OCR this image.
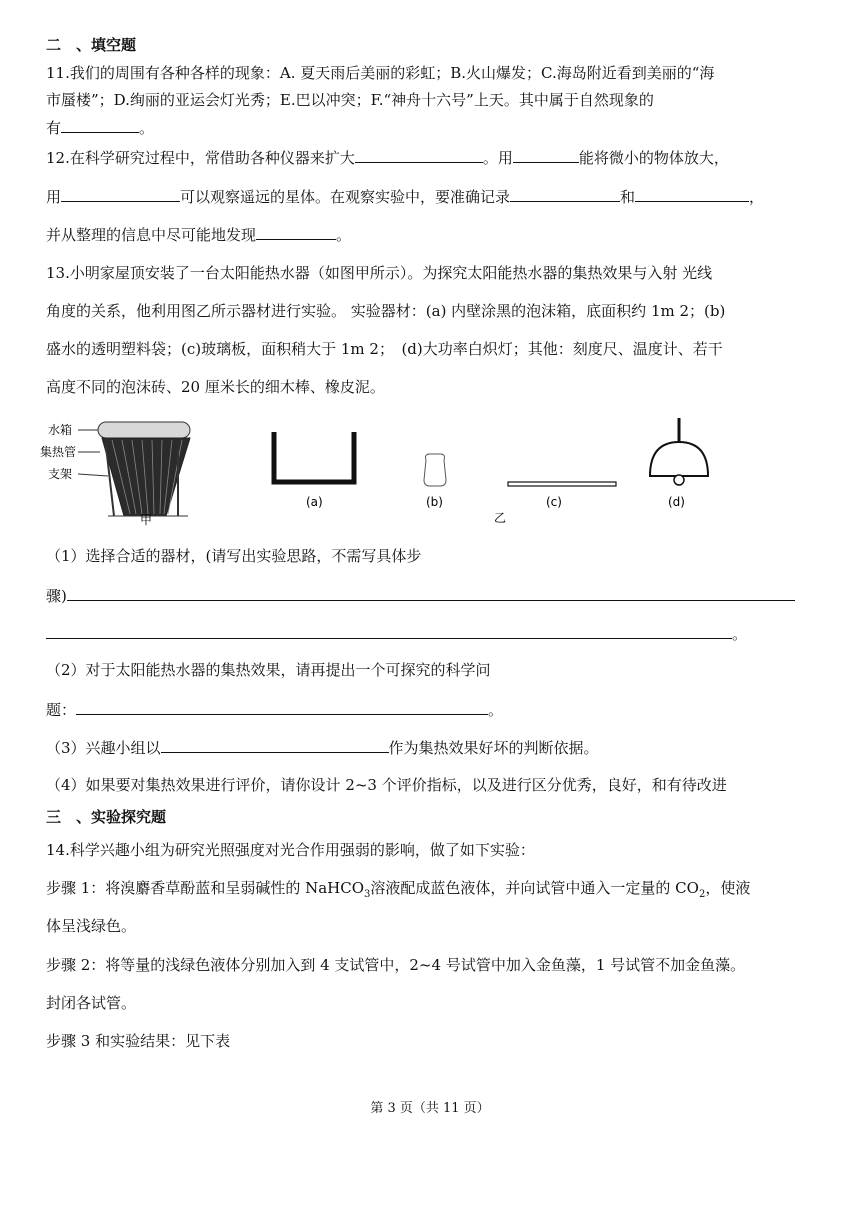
二　、填空题
11.我们的周围有各种各样的现象：A. 夏天雨后美丽的彩虹；B.火山爆发；C.海岛附近看到美丽的“海
市蜃楼”；D.绚丽的亚运会灯光秀；E.巴以冲突；F.“神舟十六号”上天。其中属于自然现象的
有	。
12.在科学研究过程中，常借助各种仪器来扩大	。用	能将微小的物体放大，
用	可以观察遥远的星体。在观察实验中，要准确记录	和	，
并从整理的信息中尽可能地发现	。
13.小明家屋顶安装了一台太阳能热水器（如图甲所示）。为探究太阳能热水器的集热效果与入射 光线
角度的关系，他利用图乙所示器材进行实验。 实验器材：(a) 内壁涂黑的泡沫箱，底面积约 1m 2；(b)
盛水的透明塑料袋；(c)玻璃板，面积稍大于 1m 2；　(d)大功率白炽灯；其他：刻度尺、温度计、若干
高度不同的泡沫砖、20 厘米长的细木棒、橡皮泥。
水箱
集热管
支架
甲
(a)	(b)
乙
(c)	(d)
（1）选择合适的器材，(请写出实验思路，不需写具体步
骤)
。
（2）对于太阳能热水器的集热效果，请再提出一个可探究的科学问
题：	。
（3）兴趣小组以	作为集热效果好坏的判断依据。
（4）如果要对集热效果进行评价，请你设计 2~3 个评价指标，以及进行区分优秀，良好，和有待改进
三　、实验探究题
14.科学兴趣小组为研究光照强度对光合作用强弱的影响，做了如下实验：
步骤 1：将溴麝香草酚蓝和呈弱碱性的 NaHCO$_3$溶液配成蓝色液体，并向试管中通入一定量的 $CO_2$，使液
体呈浅绿色。
步骤 2：将等量的浅绿色液体分别加入到 4 支试管中，2~4 号试管中加入金鱼藻，1 号试管不加金鱼藻。
封闭各试管。
步骤 3 和实验结果：见下表
第 3 页（共 11 页）
